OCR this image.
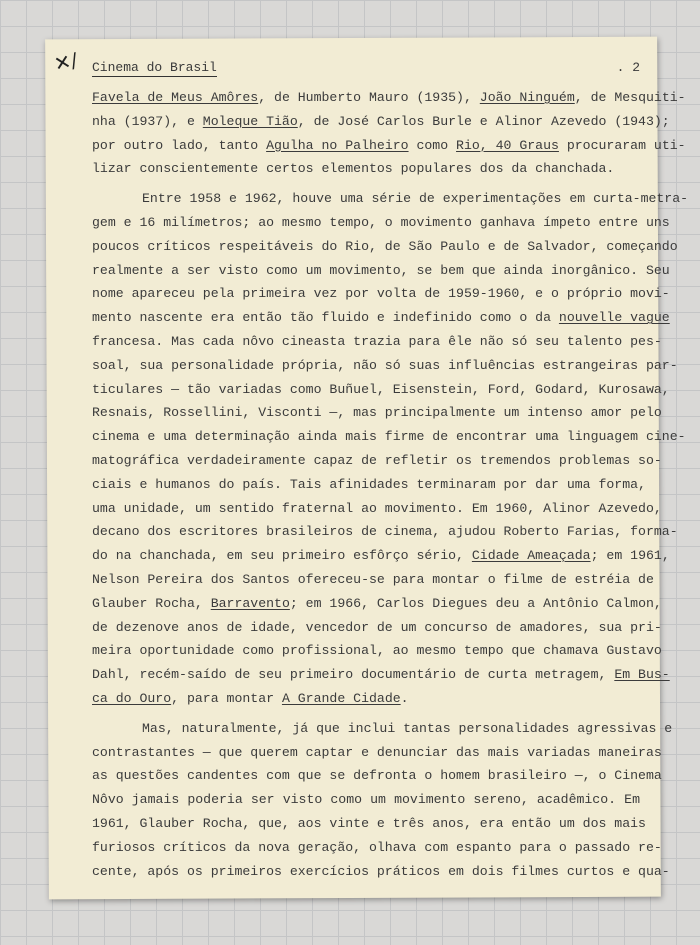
✕/ Cinema do Brasil	. 2
Favela de Meus Amôres, de Humberto Mauro (1935), João Ninguém, de Mesquiti-
nha (1937), e Moleque Tião, de José Carlos Burle e Alinor Azevedo (1943);
por outro lado, tanto Agulha no Palheiro como Rio, 40 Graus procuraram uti-
lizar conscientemente certos elementos populares dos da chanchada.
Entre 1958 e 1962, houve uma série de experimentações em curta-metra-
gem e 16 milímetros; ao mesmo tempo, o movimento ganhava ímpeto entre uns
poucos críticos respeitáveis do Rio, de São Paulo e de Salvador, começando
realmente a ser visto como um movimento, se bem que ainda inorgânico. Seu
nome apareceu pela primeira vez por volta de 1959-1960, e o próprio movi-
mento nascente era então tão fluido e indefinido como o da nouvelle vague
francesa. Mas cada nôvo cineasta trazia para êle não só seu talento pes-
soal, sua personalidade própria, não só suas influências estrangeiras par-
ticulares — tão variadas como Buñuel, Eisenstein, Ford, Godard, Kurosawa,
Resnais, Rossellini, Visconti —, mas principalmente um intenso amor pelo
cinema e uma determinação ainda mais firme de encontrar uma linguagem cine-
matográfica verdadeiramente capaz de refletir os tremendos problemas so-
ciais e humanos do país. Tais afinidades terminaram por dar uma forma,
uma unidade, um sentido fraternal ao movimento. Em 1960, Alinor Azevedo,
decano dos escritores brasileiros de cinema, ajudou Roberto Farias, forma-
do na chanchada, em seu primeiro esfôrço sério, Cidade Ameaçada; em 1961,
Nelson Pereira dos Santos ofereceu-se para montar o filme de estréia de
Glauber Rocha, Barravento; em 1966, Carlos Diegues deu a Antônio Calmon,
de dezenove anos de idade, vencedor de um concurso de amadores, sua pri-
meira oportunidade como profissional, ao mesmo tempo que chamava Gustavo
Dahl, recém-saído de seu primeiro documentário de curta metragem, Em Bus-
ca do Ouro, para montar A Grande Cidade.
Mas, naturalmente, já que inclui tantas personalidades agressivas e
contrastantes — que querem captar e denunciar das mais variadas maneiras
as questões candentes com que se defronta o homem brasileiro —, o Cinema
Nôvo jamais poderia ser visto como um movimento sereno, acadêmico. Em
1961, Glauber Rocha, que, aos vinte e três anos, era então um dos mais
furiosos críticos da nova geração, olhava com espanto para o passado re-
cente, após os primeiros exercícios práticos em dois filmes curtos e qua-
